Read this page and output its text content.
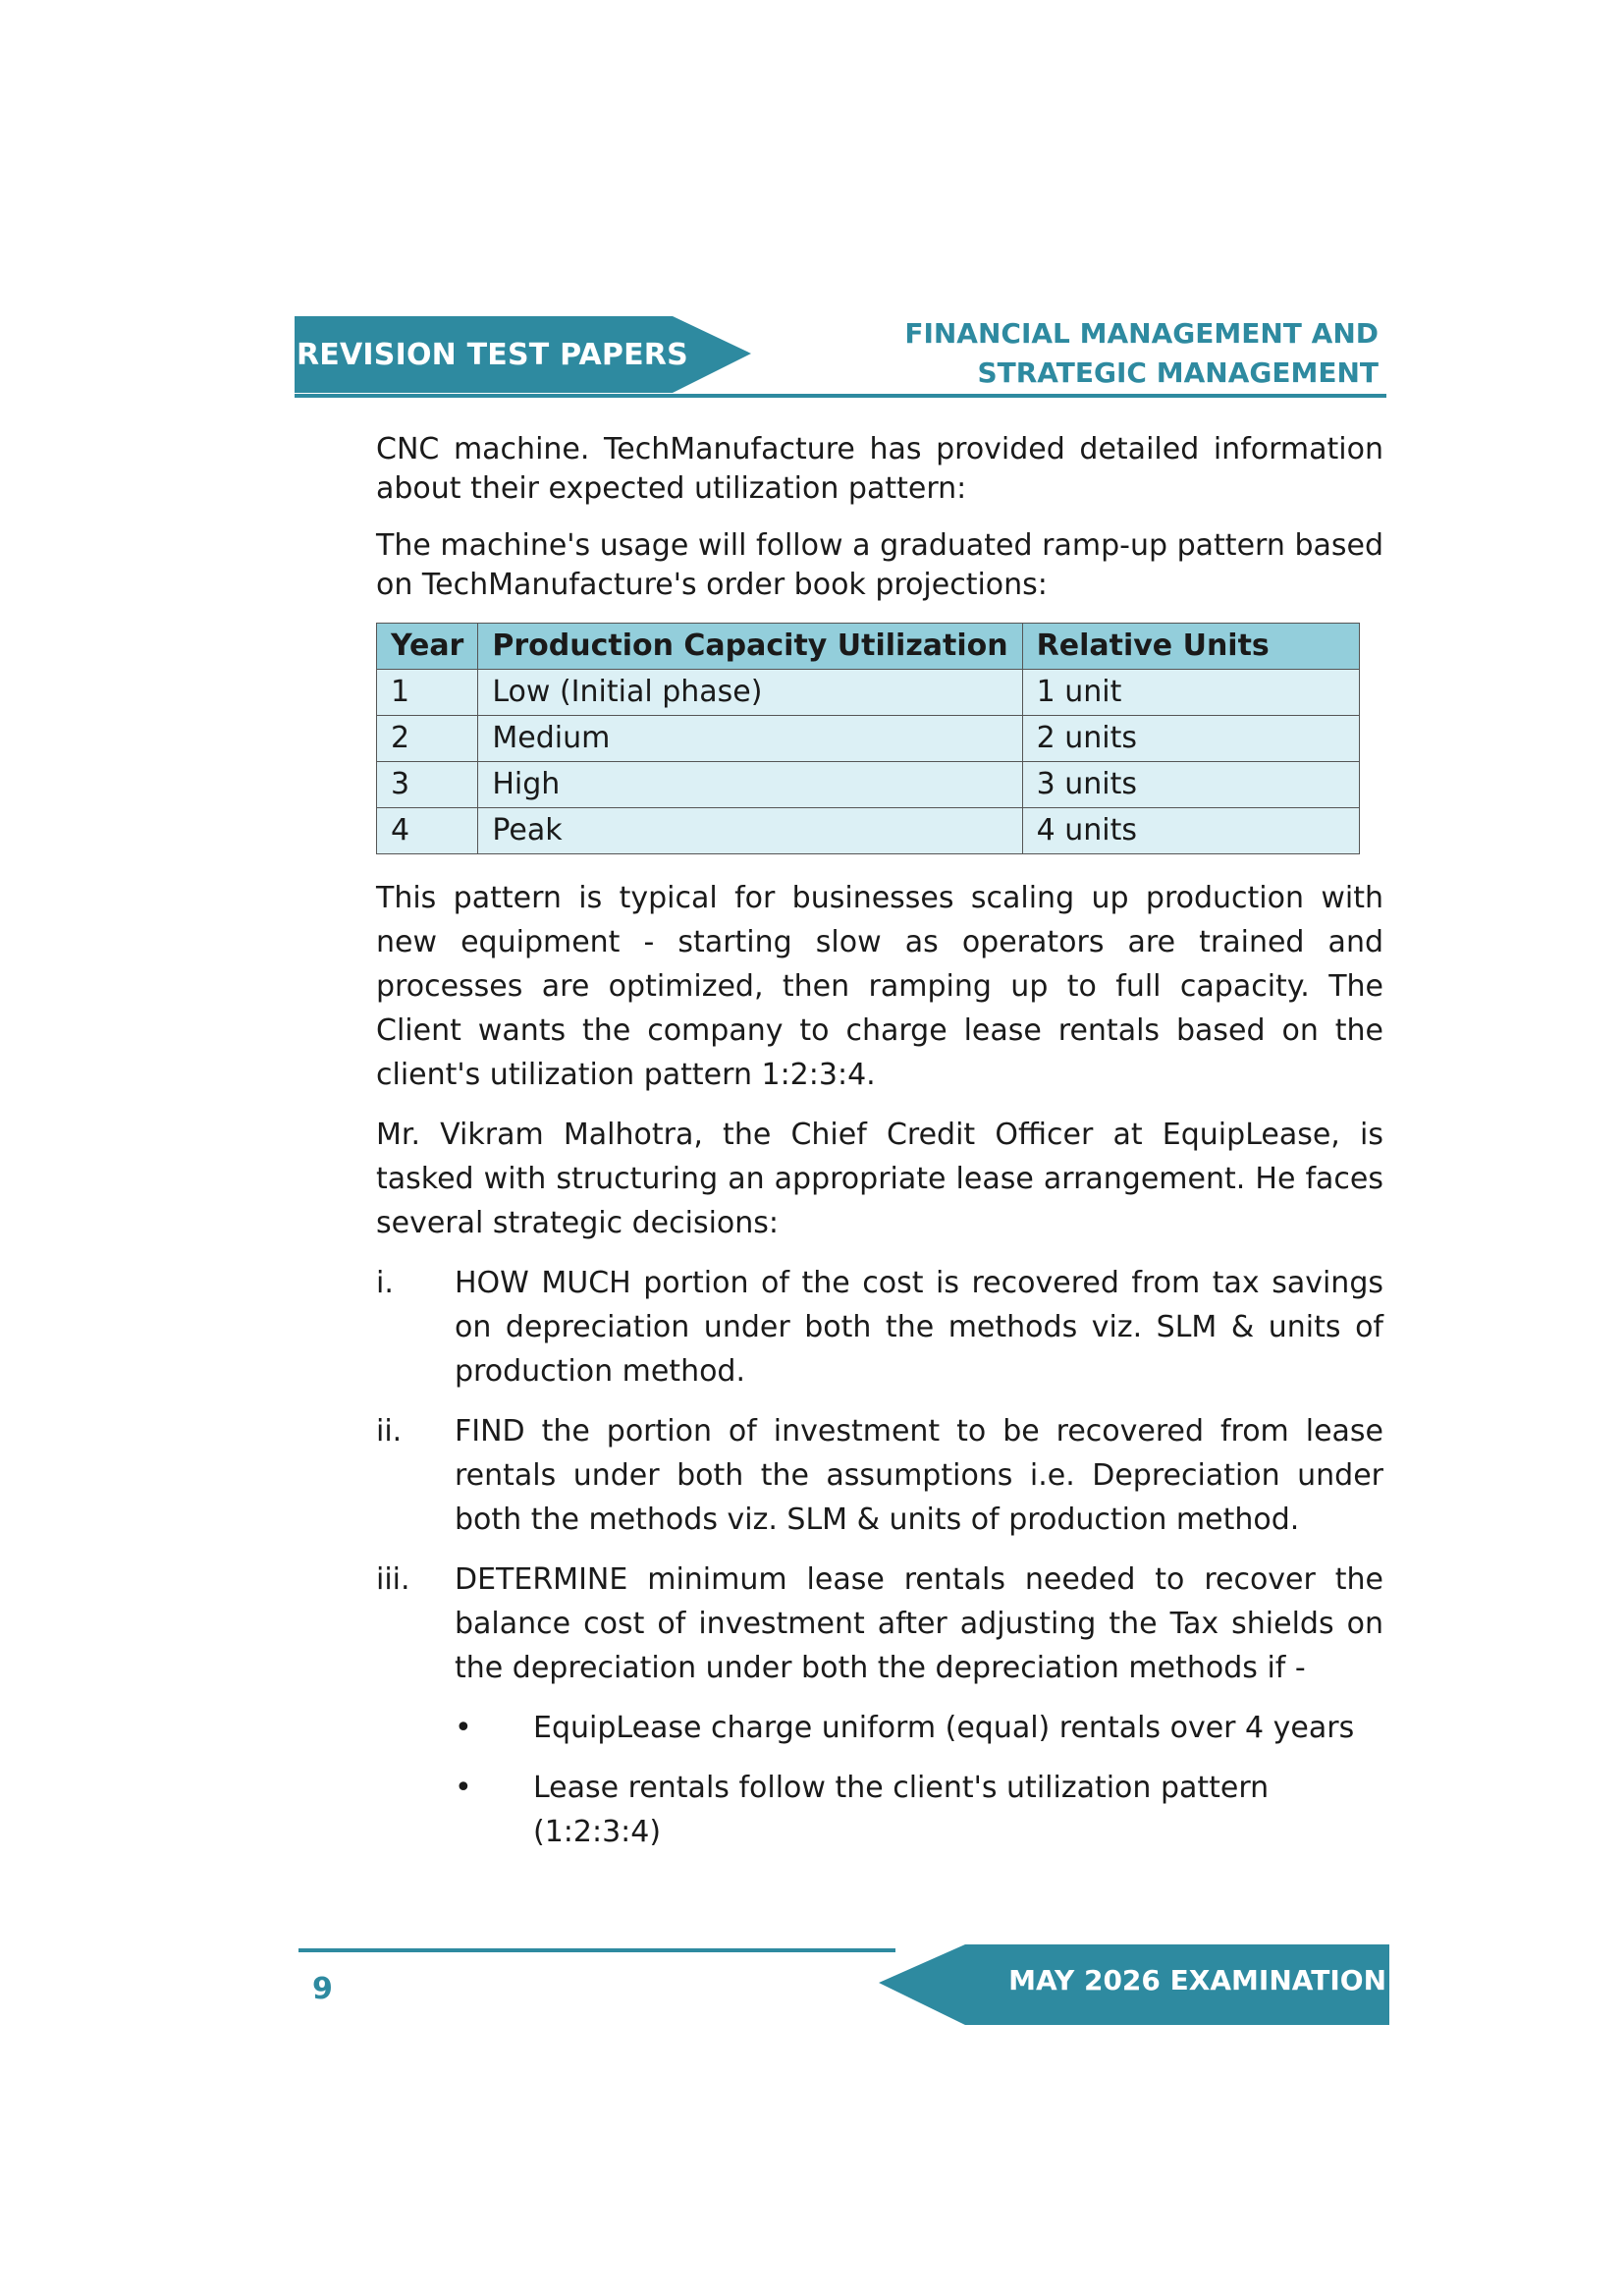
REVISION TEST PAPERS
FINANCIAL MANAGEMENT AND
STRATEGIC MANAGEMENT

CNC machine. TechManufacture has provided detailed information about their expected utilization pattern:

The machine's usage will follow a graduated ramp-up pattern based on TechManufacture's order book projections:

Year	Production Capacity Utilization	Relative Units
1	Low (Initial phase)	1 unit
2	Medium	2 units
3	High	3 units
4	Peak	4 units

This pattern is typical for businesses scaling up production with new equipment - starting slow as operators are trained and processes are optimized, then ramping up to full capacity. The Client wants the company to charge lease rentals based on the client's utilization pattern 1:2:3:4.

Mr. Vikram Malhotra, the Chief Credit Officer at EquipLease, is tasked with structuring an appropriate lease arrangement. He faces several strategic decisions:

i. HOW MUCH portion of the cost is recovered from tax savings on depreciation under both the methods viz. SLM & units of production method.
ii. FIND the portion of investment to be recovered from lease rentals under both the assumptions i.e. Depreciation under both the methods viz. SLM & units of production method.
iii. DETERMINE minimum lease rentals needed to recover the balance cost of investment after adjusting the Tax shields on the depreciation under both the depreciation methods if -
• EquipLease charge uniform (equal) rentals over 4 years
• Lease rentals follow the client's utilization pattern (1:2:3:4)
MAY 2026 EXAMINATION
9
